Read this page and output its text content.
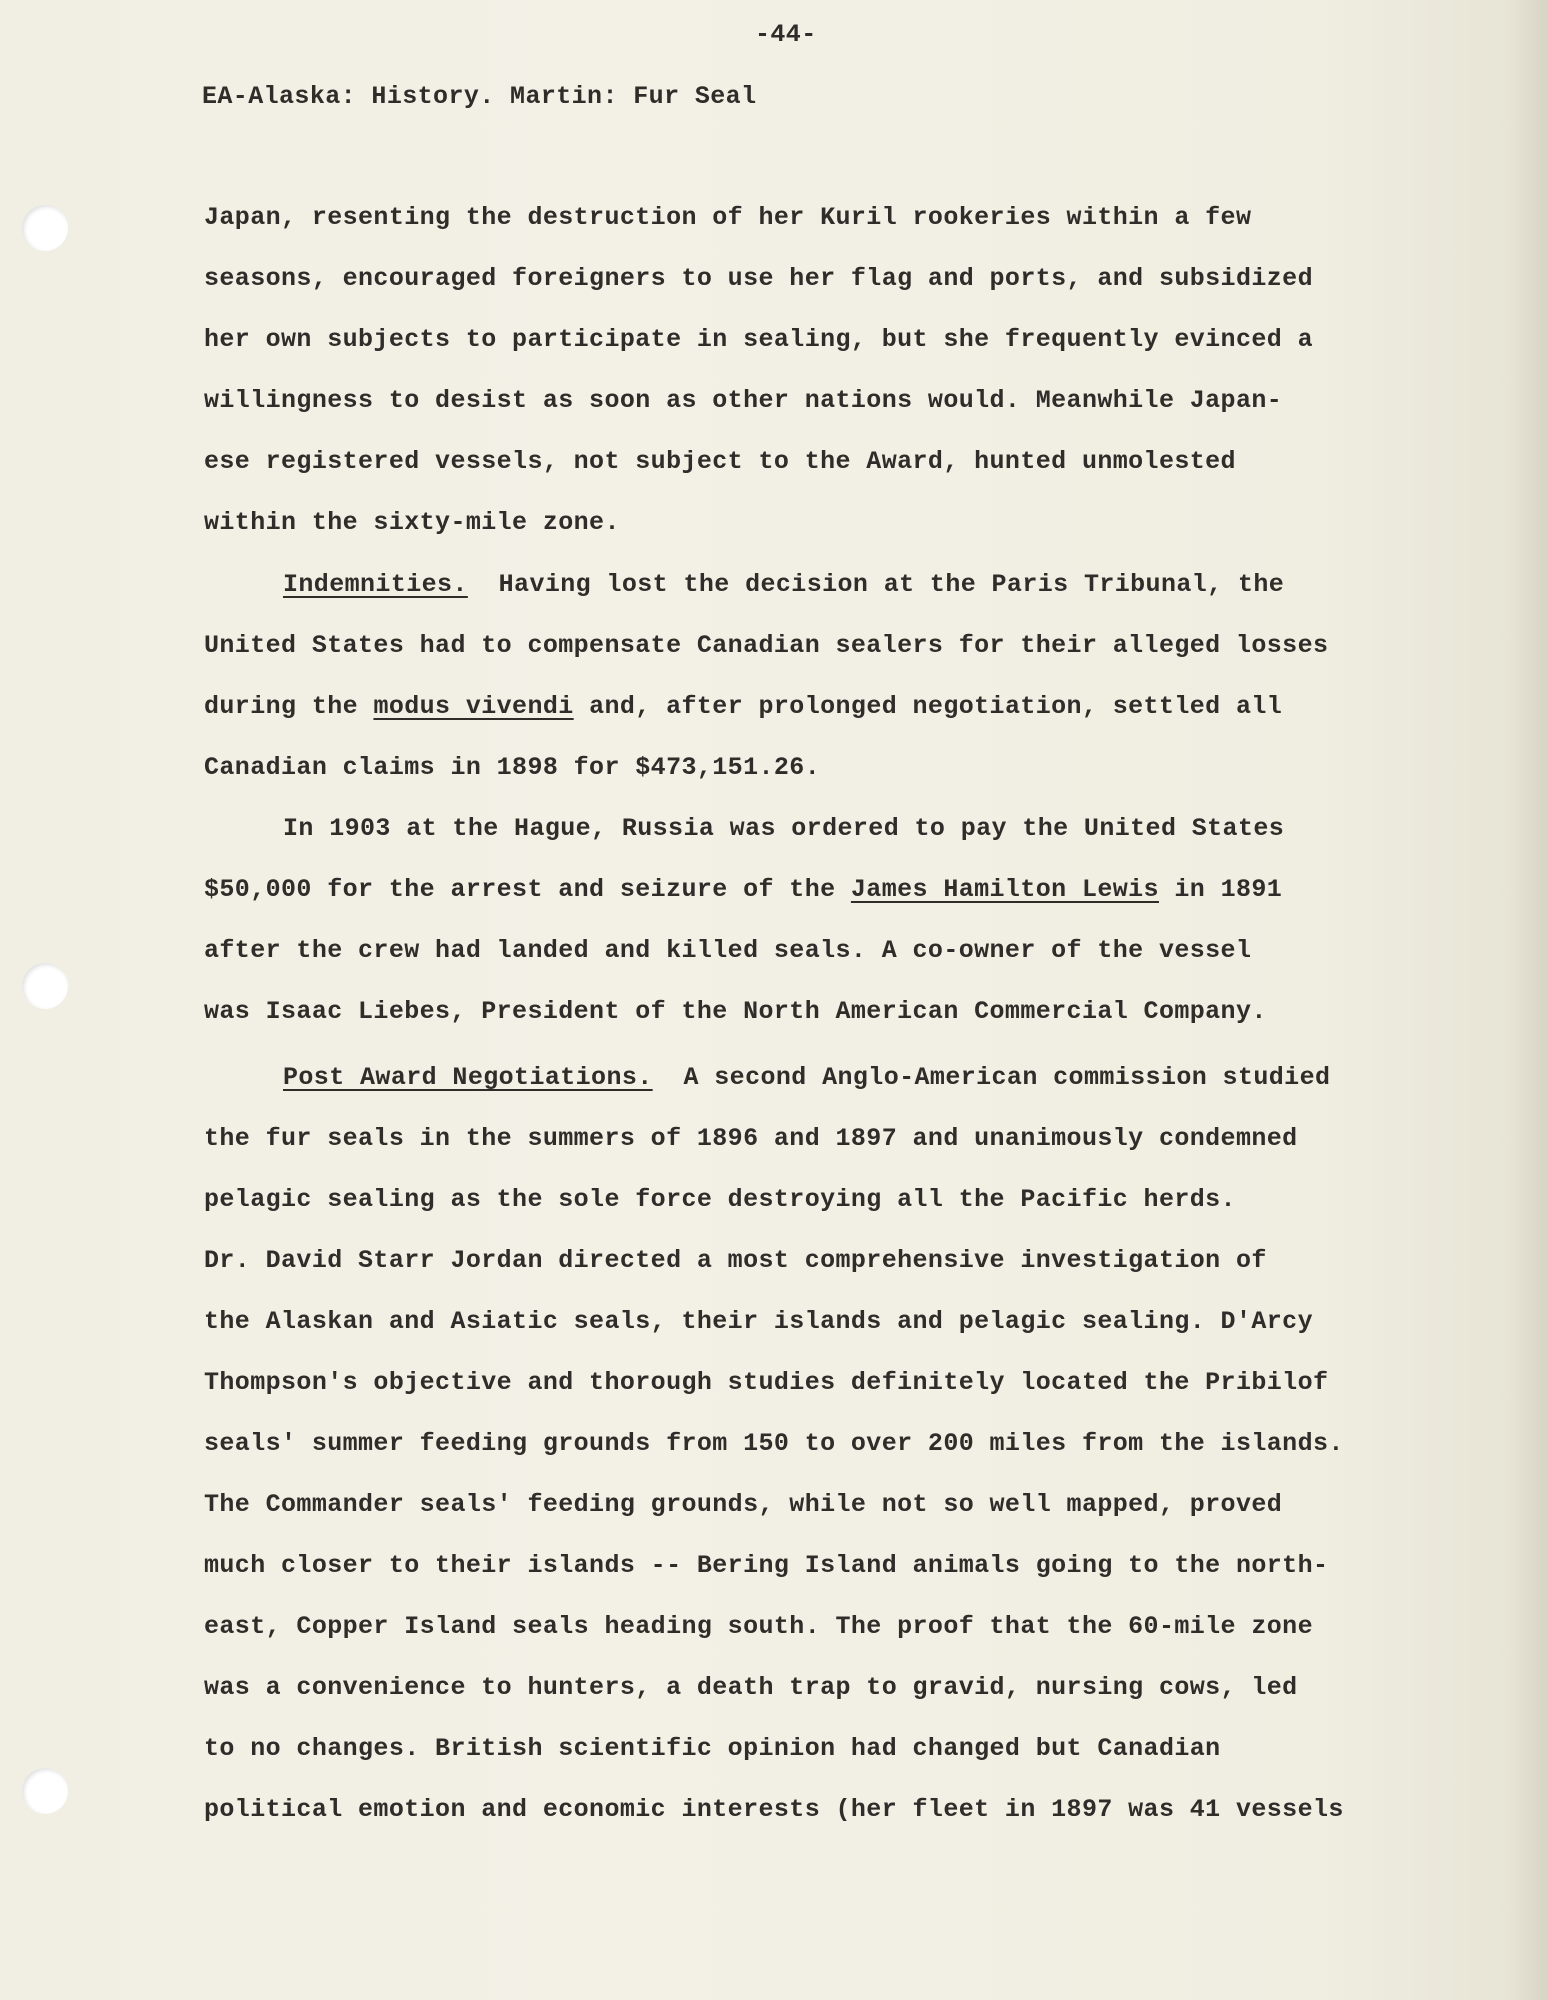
-44-
EA-Alaska: History. Martin: Fur Seal
Japan, resenting the destruction of her Kuril rookeries within a few
seasons, encouraged foreigners to use her flag and ports, and subsidized
her own subjects to participate in sealing, but she frequently evinced a
willingness to desist as soon as other nations would. Meanwhile Japan-
ese registered vessels, not subject to the Award, hunted unmolested
within the sixty-mile zone.
Indemnities.  Having lost the decision at the Paris Tribunal, the
United States had to compensate Canadian sealers for their alleged losses
during the modus vivendi and, after prolonged negotiation, settled all
Canadian claims in 1898 for $473,151.26.
In 1903 at the Hague, Russia was ordered to pay the United States
$50,000 for the arrest and seizure of the James Hamilton Lewis in 1891
after the crew had landed and killed seals. A co-owner of the vessel
was Isaac Liebes, President of the North American Commercial Company.
Post Award Negotiations.  A second Anglo-American commission studied
the fur seals in the summers of 1896 and 1897 and unanimously condemned
pelagic sealing as the sole force destroying all the Pacific herds.
Dr. David Starr Jordan directed a most comprehensive investigation of
the Alaskan and Asiatic seals, their islands and pelagic sealing. D'Arcy
Thompson's objective and thorough studies definitely located the Pribilof
seals' summer feeding grounds from 150 to over 200 miles from the islands.
The Commander seals' feeding grounds, while not so well mapped, proved
much closer to their islands -- Bering Island animals going to the north-
east, Copper Island seals heading south. The proof that the 60-mile zone
was a convenience to hunters, a death trap to gravid, nursing cows, led
to no changes. British scientific opinion had changed but Canadian
political emotion and economic interests (her fleet in 1897 was 41 vessels
